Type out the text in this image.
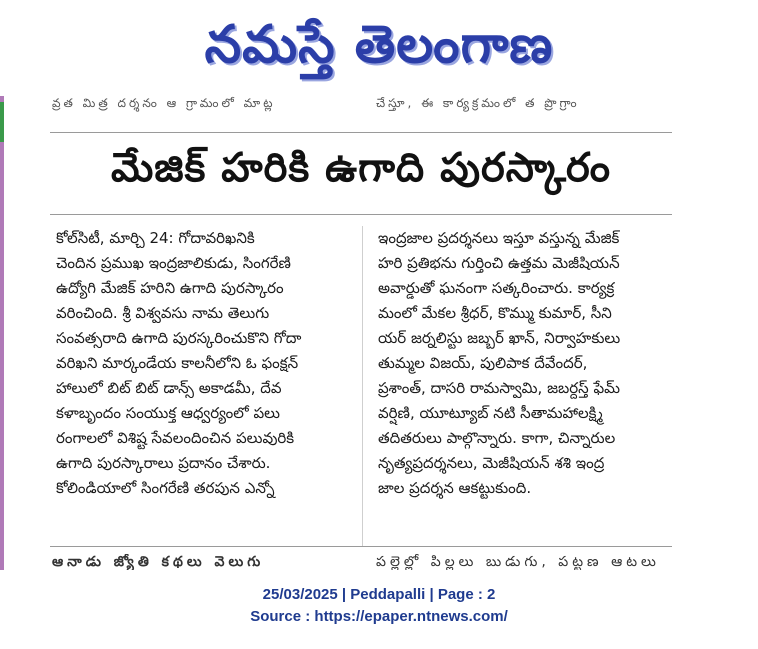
నమస్తే తెలంగాణ
వ్రత మిత్ర దర్శనం ఆ గ్రామంలో మాట్ల	చేస్తూ, ఈ కార్యక్రమంలో త ప్రొగ్రాం
మేజిక్ హరికి ఉగాది పురస్కారం
కోల్‌సిటీ, మార్చి 24: గోదావరిఖనికి
చెందిన ప్రముఖ ఇంద్రజాలికుడు, సింగరేణి
ఉద్యోగి మేజిక్ హరిని ఉగాది పురస్కారం
వరించింది. శ్రీ విశ్వవసు నామ తెలుగు
సంవత్సరాది ఉగాది పురస్కరించుకొని గోదా
వరిఖని మార్కండేయ కాలనీలోని ఓ ఫంక్షన్
హాలులో బిట్ బిట్ డాన్స్ అకాడమీ, దేవ
కళాబృందం సంయుక్త ఆధ్వర్యంలో పలు
రంగాలలో విశిష్ట సేవలందించిన పలువురికి
ఉగాది పురస్కారాలు ప్రదానం చేశారు.
కోలిండియాలో సింగరేణి తరపున ఎన్నో
ఇంద్రజాల ప్రదర్శనలు ఇస్తూ వస్తున్న మేజిక్
హరి ప్రతిభను గుర్తించి ఉత్తమ మెజీషియన్
అవార్డుతో ఘనంగా సత్కరించారు. కార్యక్ర
మంలో మేకల శ్రీధర్, కొమ్ము కుమార్, సీని
యర్ జర్నలిస్టు జబ్బర్ ఖాన్, నిర్వాహకులు
తుమ్మల విజయ్, పులిపాక దేవేందర్,
ప్రశాంత్, దాసరి రామస్వామి, జబర్దస్త్ ఫేమ్
వర్షిణి, యూట్యూబ్ నటి సీతామహాలక్ష్మి
తదితరులు పాల్గొన్నారు. కాగా, చిన్నారుల
నృత్యప్రదర్శనలు, మెజీషియన్ శశి ఇంద్ర
జాల ప్రదర్శన ఆకట్టుకుంది.
ఆనాడు జ్యోతి కథలు వెలుగు	పల్లెల్లో పిల్లలు బుడుగు, పట్టణ ఆటలు
25/03/2025 | Peddapalli | Page : 2
Source : https://epaper.ntnews.com/
